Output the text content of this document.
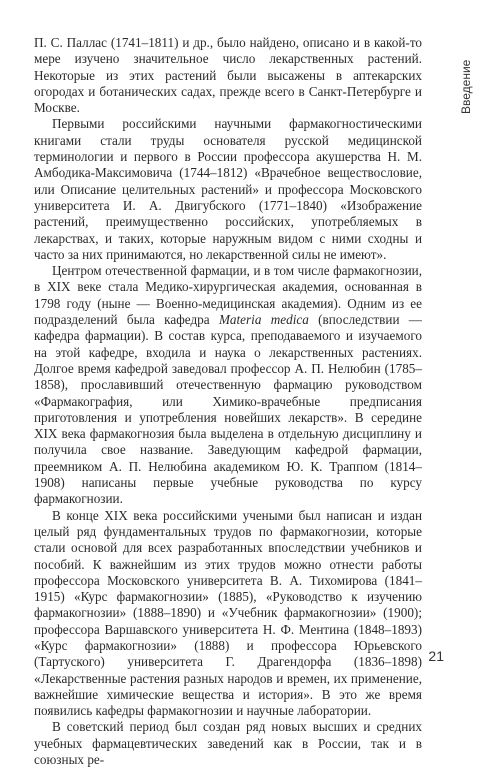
Введение

П. С. Паллас (1741–1811) и др., было найдено, описано и в какой-то мере изучено значительное число лекарственных растений. Некоторые из этих растений были высажены в аптекарских огородах и ботанических садах, прежде всего в Санкт-Петербурге и Москве.

Первыми российскими научными фармакогностическими книгами стали труды основателя русской медицинской терминологии и первого в России профессора акушерства Н. М. Амбодика-Максимовича (1744–1812) «Врачебное веществословие, или Описание целительных растений» и профессора Московского университета И. А. Двигубского (1771–1840) «Изображение растений, преимущественно российских, употребляемых в лекарствах, и таких, которые наружным видом с ними сходны и часто за них принимаются, но лекарственной силы не имеют».

Центром отечественной фармации, и в том числе фармакогнозии, в XIX веке стала Медико-хирургическая академия, основанная в 1798 году (ныне — Военно-медицинская академия). Одним из ее подразделений была кафедра Materia medica (впоследствии — кафедра фармации). В состав курса, преподаваемого и изучаемого на этой кафедре, входила и наука о лекарственных растениях. Долгое время кафедрой заведовал профессор А. П. Нелюбин (1785–1858), прославивший отечественную фармацию руководством «Фармакография, или Химико-врачебные предписания приготовления и употребления новейших лекарств». В середине XIX века фармакогнозия была выделена в отдельную дисциплину и получила свое название. Заведующим кафедрой фармации, преемником А. П. Нелюбина академиком Ю. К. Траппом (1814–1908) написаны первые учебные руководства по курсу фармакогнозии.

В конце XIX века российскими учеными был написан и издан целый ряд фундаментальных трудов по фармакогнозии, которые стали основой для всех разработанных впоследствии учебников и пособий. К важнейшим из этих трудов можно отнести работы профессора Московского университета В. А. Тихомирова (1841–1915) «Курс фармакогнозии» (1885), «Руководство к изучению фармакогнозии» (1888–1890) и «Учебник фармакогнозии» (1900); профессора Варшавского университета Н. Ф. Ментина (1848–1893) «Курс фармакогнозии» (1888) и профессора Юрьевского (Тартуского) университета Г. Драгендорфа (1836–1898) «Лекарственные растения разных народов и времен, их применение, важнейшие химические вещества и история». В это же время появились кафедры фармакогнозии и научные лаборатории.

В советский период был создан ряд новых высших и средних учебных фармацевтических заведений как в России, так и в союзных ре-

21
